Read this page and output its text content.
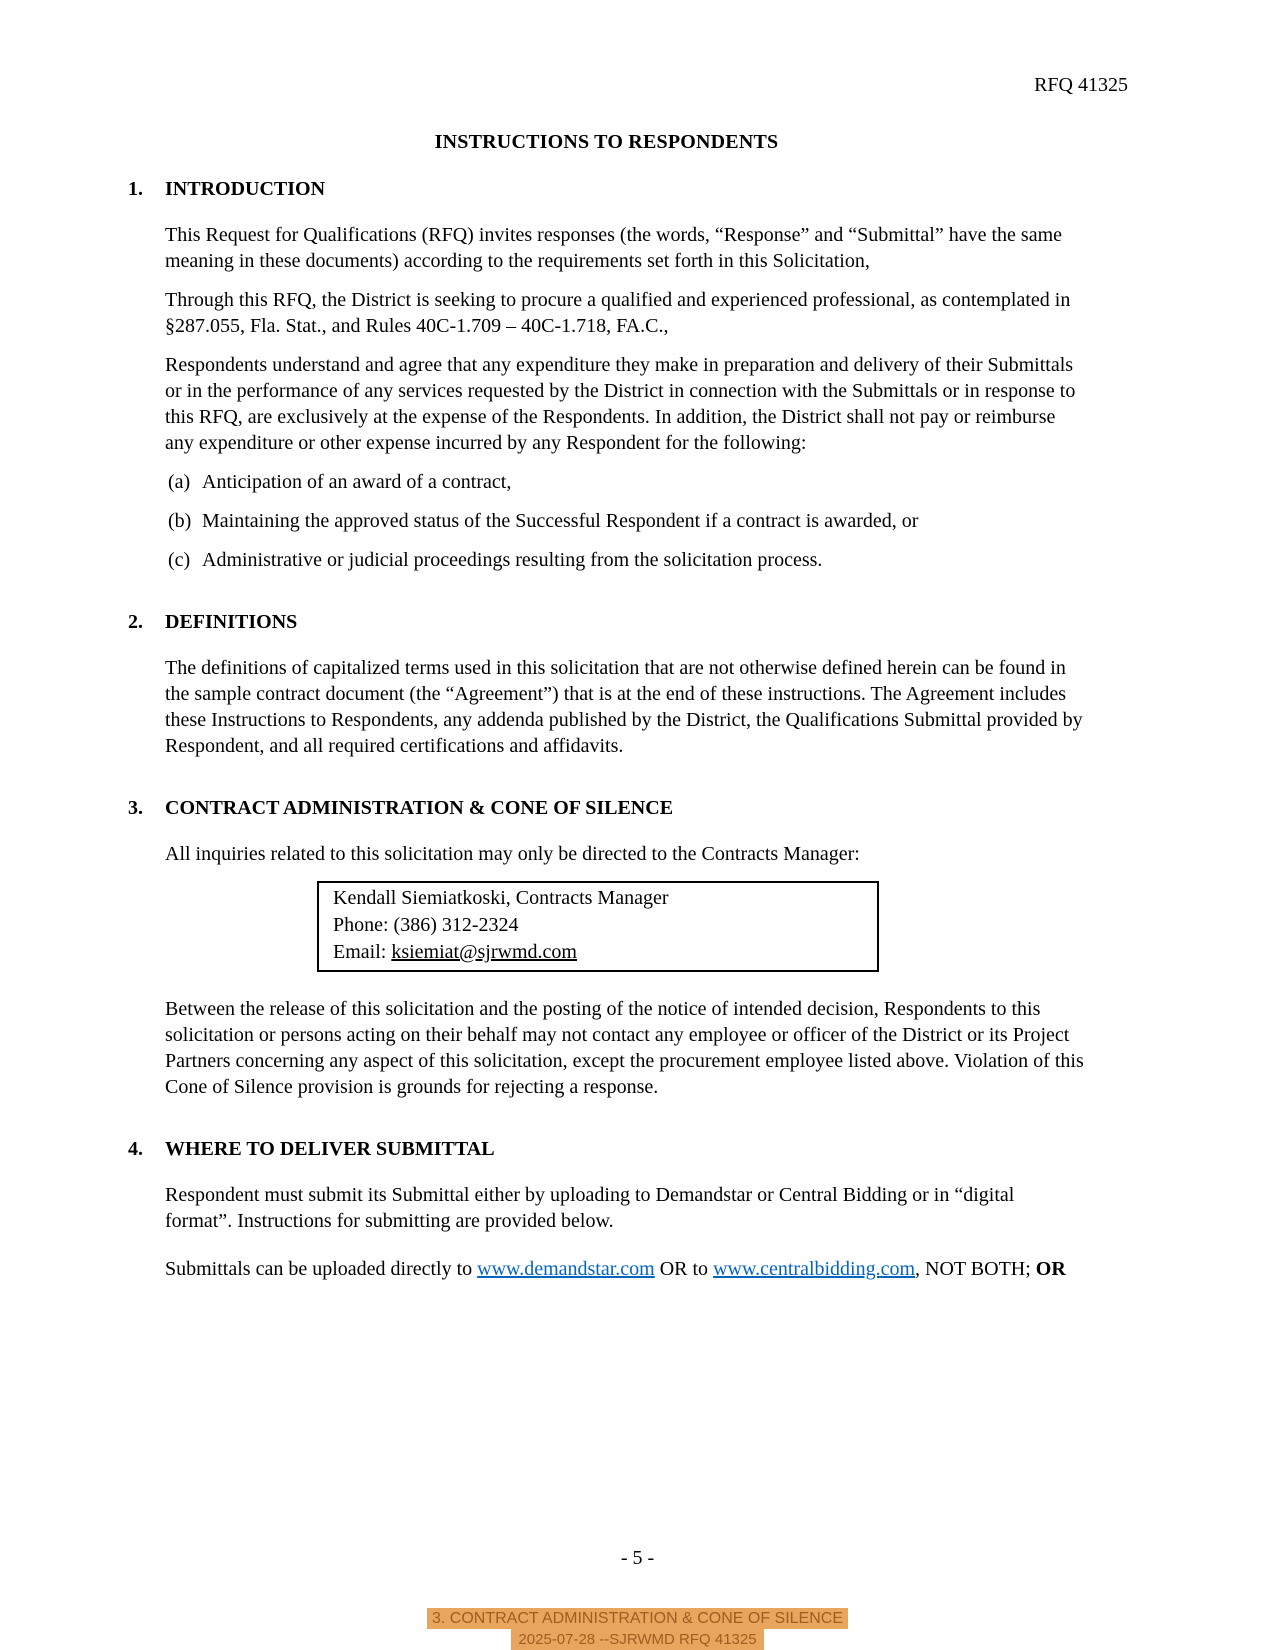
RFQ 41325
INSTRUCTIONS TO RESPONDENTS
1.	INTRODUCTION

This Request for Qualifications (RFQ) invites responses (the words, “Response” and “Submittal” have the same meaning in these documents) according to the requirements set forth in this Solicitation,

Through this RFQ, the District is seeking to procure a qualified and experienced professional, as contemplated in §287.055, Fla. Stat., and Rules 40C-1.709 – 40C-1.718, FA.C.,

Respondents understand and agree that any expenditure they make in preparation and delivery of their Submittals or in the performance of any services requested by the District in connection with the Submittals or in response to this RFQ, are exclusively at the expense of the Respondents. In addition, the District shall not pay or reimburse any expenditure or other expense incurred by any Respondent for the following:

(a) Anticipation of an award of a contract,
(b) Maintaining the approved status of the Successful Respondent if a contract is awarded, or
(c) Administrative or judicial proceedings resulting from the solicitation process.
2.	DEFINITIONS

The definitions of capitalized terms used in this solicitation that are not otherwise defined herein can be found in the sample contract document (the “Agreement”) that is at the end of these instructions. The Agreement includes these Instructions to Respondents, any addenda published by the District, the Qualifications Submittal provided by Respondent, and all required certifications and affidavits.

3.	CONTRACT ADMINISTRATION & CONE OF SILENCE

All inquiries related to this solicitation may only be directed to the Contracts Manager:

Kendall Siemiatkoski, Contracts Manager
Phone: (386) 312-2324
Email: ksiemiat@sjrwmd.com

Between the release of this solicitation and the posting of the notice of intended decision, Respondents to this solicitation or persons acting on their behalf may not contact any employee or officer of the District or its Project Partners concerning any aspect of this solicitation, except the procurement employee listed above. Violation of this Cone of Silence provision is grounds for rejecting a response.

4.	WHERE TO DELIVER SUBMITTAL

Respondent must submit its Submittal either by uploading to Demandstar or Central Bidding or in “digital format”. Instructions for submitting are provided below.

Submittals can be uploaded directly to www.demandstar.com OR to www.centralbidding.com, NOT BOTH; OR

- 5 -
3. CONTRACT ADMINISTRATION & CONE OF SILENCE
2025-07-28 --SJRWMD RFQ 41325
